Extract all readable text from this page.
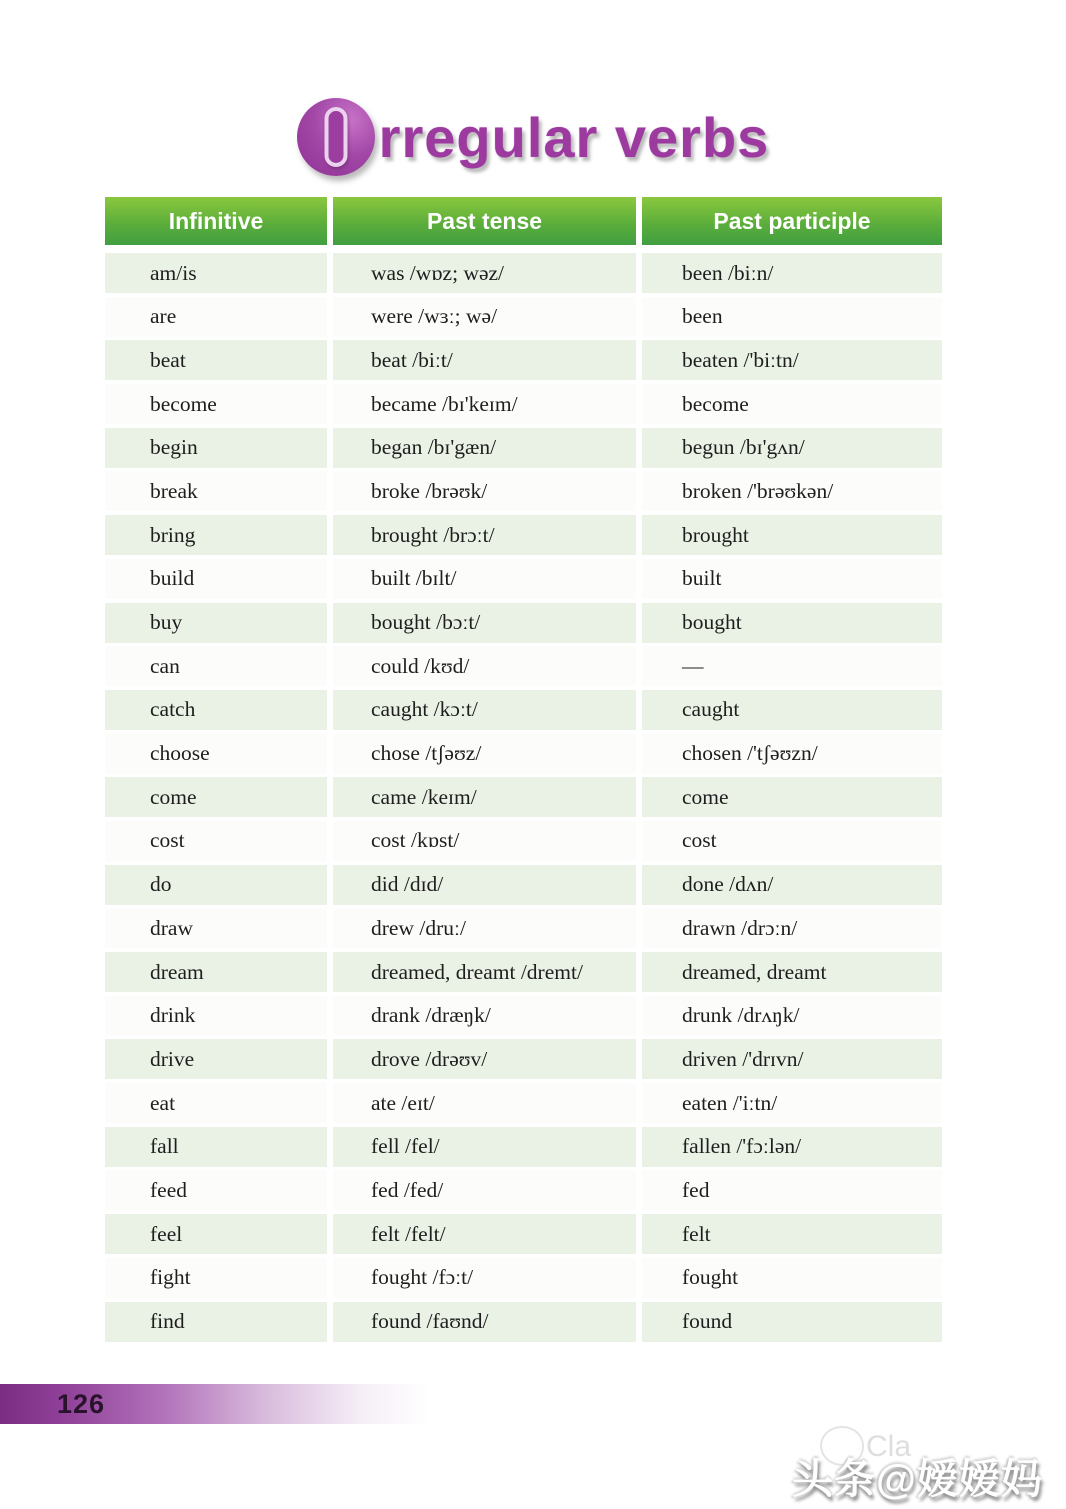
rregular verbs
Infinitive	Past tense	Past participle
am/is	was /wɒz; wəz/	been /biːn/
are	were /wɜː; wə/	been
beat	beat /biːt/	beaten /'biːtn/
become	became /bɪ'keɪm/	become
begin	began /bɪ'gæn/	begun /bɪ'gʌn/
break	broke /brəʊk/	broken /'brəʊkən/
bring	brought /brɔːt/	brought
build	built /bɪlt/	built
buy	bought /bɔːt/	bought
can	could /kʊd/	—
catch	caught /kɔːt/	caught
choose	chose /tʃəʊz/	chosen /'tʃəʊzn/
come	came /keɪm/	come
cost	cost /kɒst/	cost
do	did /dɪd/	done /dʌn/
draw	drew /druː/	drawn /drɔːn/
dream	dreamed, dreamt /dremt/	dreamed, dreamt
drink	drank /dræŋk/	drunk /drʌŋk/
drive	drove /drəʊv/	driven /'drɪvn/
eat	ate /eɪt/	eaten /'iːtn/
fall	fell /fel/	fallen /'fɔːlən/
feed	fed /fed/	fed
feel	felt /felt/	felt
fight	fought /fɔːt/	fought
find	found /faʊnd/	found
126
Cla
头条@嫒嫒妈
